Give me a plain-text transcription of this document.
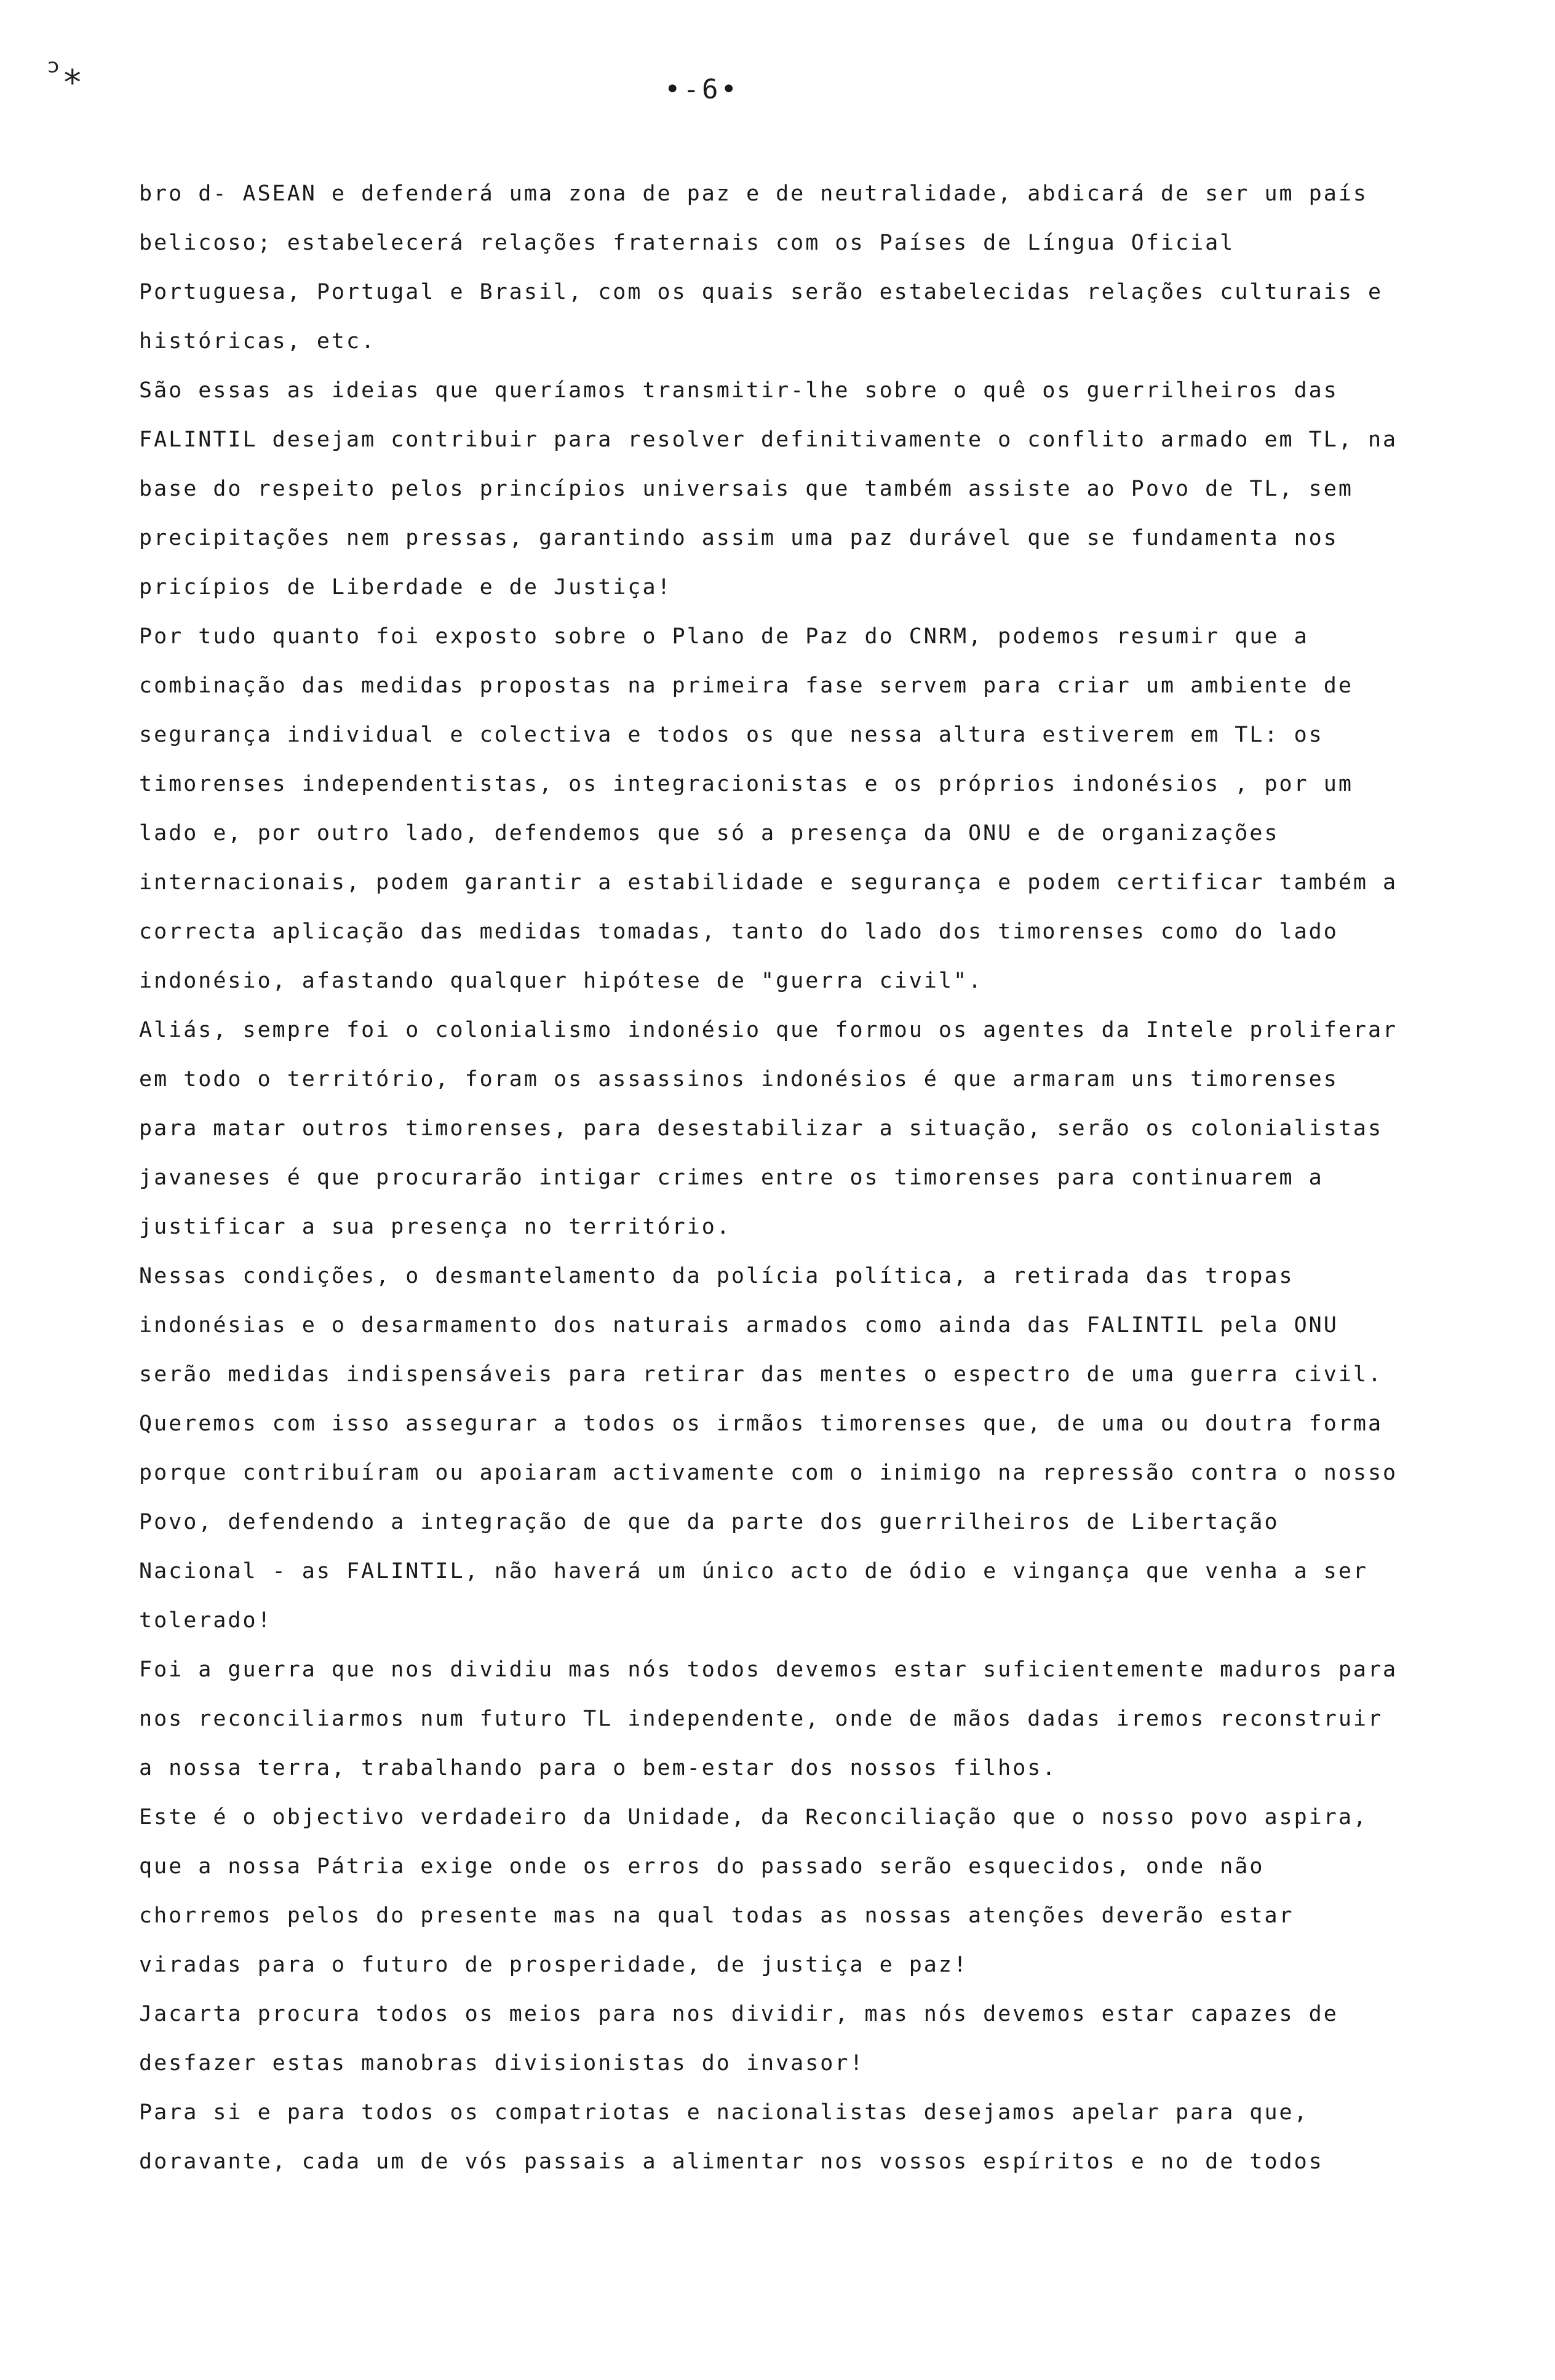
ᵓ⁎	•-6•

bro d- ASEAN e defenderá uma zona de paz e de neutralidade, abdicará de ser um país belicoso; estabelecerá relações fraternais com os Países de Língua Oficial Portuguesa, Portugal e Brasil, com os quais serão estabelecidas relações culturais e históricas, etc.

São essas as ideias que queríamos transmitir-lhe sobre o quê os guerrilheiros das FALINTIL desejam contribuir para resolver definitivamente o conflito armado em TL, na base do respeito pelos princípios universais que também assiste ao Povo de TL, sem precipitações nem pressas, garantindo assim uma paz durável que se fundamenta nos pricípios de Liberdade e de Justiça!

Por tudo quanto foi exposto sobre o Plano de Paz do CNRM, podemos resumir que a combinação das medidas propostas na primeira fase servem para criar um ambiente de segurança individual e colectiva e todos os que nessa altura estiverem em TL: os timorenses independentistas, os integracionistas e os próprios indonésios , por um lado e, por outro lado, defendemos que só a presença da ONU e de organizações internacionais, podem garantir a estabilidade e segurança e podem certificar também a correcta aplicação das medidas tomadas, tanto do lado dos timorenses como do lado indonésio, afastando qualquer hipótese de "guerra civil".

Aliás, sempre foi o colonialismo indonésio que formou os agentes da Intele proliferar em todo o território, foram os assassinos indonésios é que armaram uns timorenses para matar outros timorenses, para desestabilizar a situação, serão os colonialistas javaneses é que procurarão intigar crimes entre os timorenses para continuarem a justificar a sua presença no território.

Nessas condições, o desmantelamento da polícia política, a retirada das tropas indonésias e o desarmamento dos naturais armados como ainda das FALINTIL pela ONU serão medidas indispensáveis para retirar das mentes o espectro de uma guerra civil. Queremos com isso assegurar a todos os irmãos timorenses que, de uma ou doutra forma porque contribuíram ou apoiaram activamente com o inimigo na repressão contra o nosso Povo, defendendo a integração de que da parte dos guerrilheiros de Libertação Nacional - as FALINTIL, não haverá um único acto de ódio e vingança que venha a ser tolerado!

Foi a guerra que nos dividiu mas nós todos devemos estar suficientemente maduros para nos reconciliarmos num futuro TL independente, onde de mãos dadas iremos reconstruir a nossa terra, trabalhando para o bem-estar dos nossos filhos.

Este é o objectivo verdadeiro da Unidade, da Reconciliação que o nosso povo aspira, que a nossa Pátria exige onde os erros do passado serão esquecidos, onde não chorremos pelos do presente mas na qual todas as nossas atenções deverão estar viradas para o futuro de prosperidade, de justiça e paz!

Jacarta procura todos os meios para nos dividir, mas nós devemos estar capazes de desfazer estas manobras divisionistas do invasor!

Para si e para todos os compatriotas e nacionalistas desejamos apelar para que, doravante, cada um de vós passais a alimentar nos vossos espíritos e no de todos
